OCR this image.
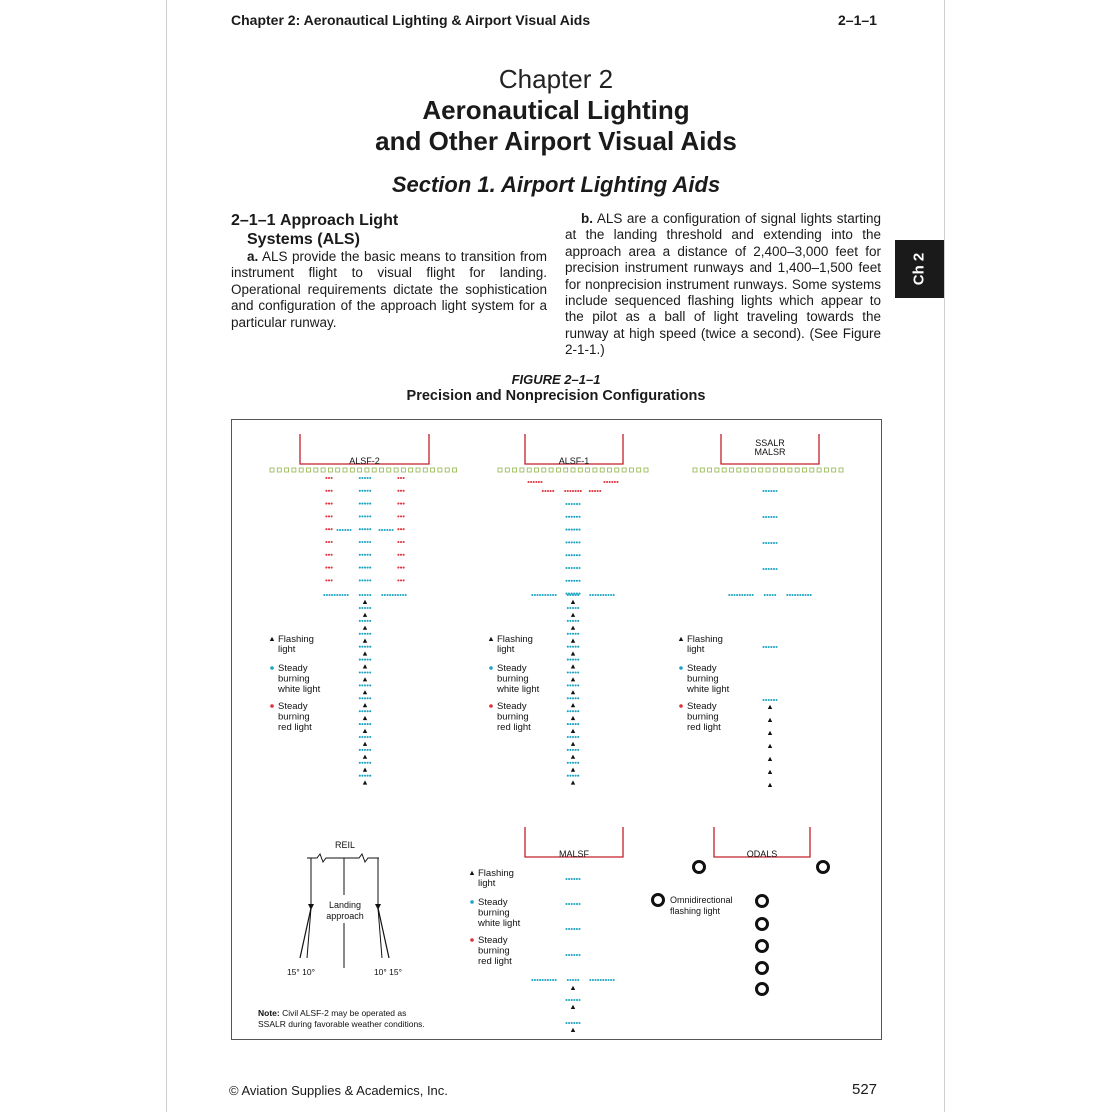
Chapter 2: Aeronautical Lighting & Airport Visual Aids	2–1–1
Chapter 2
Aeronautical Lighting
and Other Airport Visual Aids
Section 1. Airport Lighting Aids
Ch 2
2–1–1 Approach Light
Systems (ALS)
a. ALS provide the basic means to transition from instrument flight to visual flight for landing. Operational requirements dictate the sophistication and configuration of the approach light system for a particular runway.
b. ALS are a configuration of signal lights starting at the landing threshold and extending into the approach area a distance of 2,400–3,000 feet for precision instrument runways and 1,400–1,500 feet for nonprecision instrument runways. Some systems include sequenced flashing lights which appear to the pilot as a ball of light traveling towards the runway at high speed (twice a second). (See Figure 2-1-1.)
FIGURE 2–1–1
Precision and Nonprecision Configurations
ALSF-2
Flashing
light
Steady
burning
white light
Steady
burning
red light
ALSF-1
Flashing
light
Steady
burning
white light
Steady
burning
red light
SSALR
MALSR
Flashing
light
Steady
burning
white light
Steady
burning
red light
REIL
Landing
approach
15° 10°	10° 15°
MALSF
Flashing
light
Steady
burning
white light
Steady
burning
red light
ODALS
Omnidirectional
flashing light
Note: Civil ALSF-2 may be operated as
SSALR during favorable weather conditions.
© Aviation Supplies & Academics, Inc.	527
